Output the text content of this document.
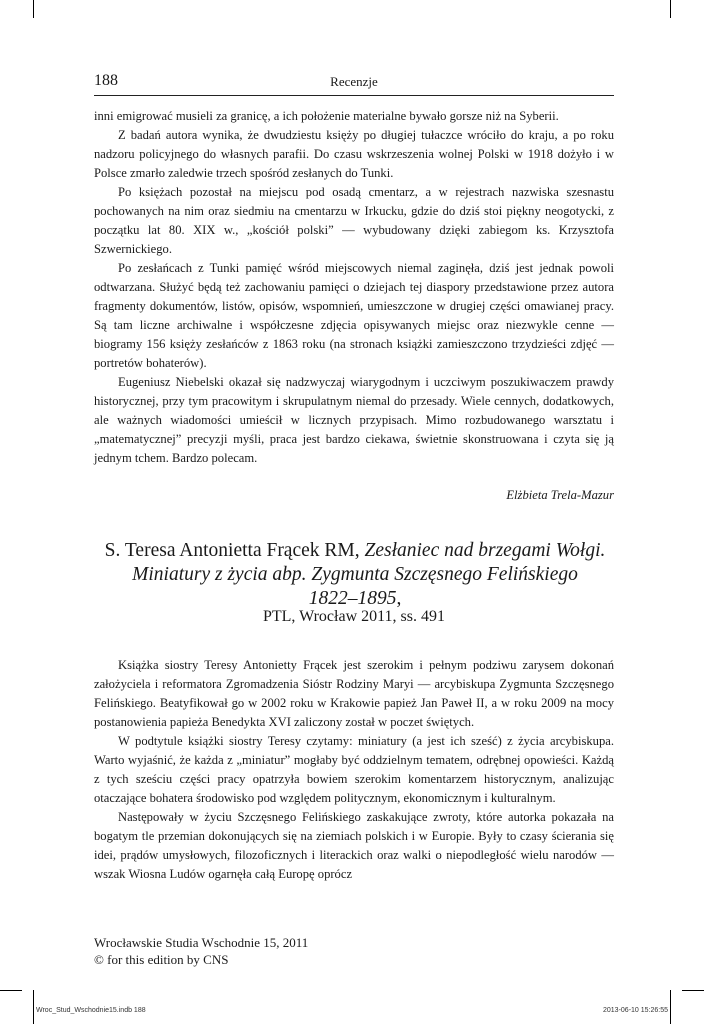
188	Recenzje

inni emigrować musieli za granicę, a ich położenie materialne bywało gorsze niż na Syberii.

Z badań autora wynika, że dwudziestu księży po długiej tułaczce wróciło do kraju, a po roku nadzoru policyjnego do własnych parafii. Do czasu wskrzeszenia wolnej Polski w 1918 dożyło i w Polsce zmarło zaledwie trzech spośród zesłanych do Tunki.

Po księżach pozostał na miejscu pod osadą cmentarz, a w rejestrach nazwiska szesnastu pochowanych na nim oraz siedmiu na cmentarzu w Irkucku, gdzie do dziś stoi piękny neogotycki, z początku lat 80. XIX w., „kościół polski” — wybudowany dzięki zabiegom ks. Krzysztofa Szwernickiego.

Po zesłańcach z Tunki pamięć wśród miejscowych niemal zaginęła, dziś jest jednak powoli odtwarzana. Służyć będą też zachowaniu pamięci o dziejach tej diaspory przedstawione przez autora fragmenty dokumentów, listów, opisów, wspomnień, umieszczone w drugiej części omawianej pracy. Są tam liczne archiwalne i współczesne zdjęcia opisywanych miejsc oraz niezwykle cenne — biogramy 156 księży zesłańców z 1863 roku (na stronach książki zamieszczono trzydzieści zdjęć — portretów bohaterów).

Eugeniusz Niebelski okazał się nadzwyczaj wiarygodnym i uczciwym poszukiwaczem prawdy historycznej, przy tym pracowitym i skrupulatnym niemal do przesady. Wiele cennych, dodatkowych, ale ważnych wiadomości umieścił w licznych przypisach. Mimo rozbudowanego warsztatu i „matematycznej” precyzji myśli, praca jest bardzo ciekawa, świetnie skonstruowana i czyta się ją jednym tchem. Bardzo polecam.

Elżbieta Trela-Mazur
S. Teresa Antonietta Frącek RM, Zesłaniec nad brzegami Wołgi.
Miniatury z życia abp. Zygmunta Szczęsnego Felińskiego
1822–1895,
PTL, Wrocław 2011, ss. 491

Książka siostry Teresy Antonietty Frącek jest szerokim i pełnym podziwu zarysem dokonań założyciela i reformatora Zgromadzenia Sióstr Rodziny Maryi — arcybiskupa Zygmunta Szczęsnego Felińskiego. Beatyfikował go w 2002 roku w Krakowie papież Jan Paweł II, a w roku 2009 na mocy postanowienia papieża Benedykta XVI zaliczony został w poczet świętych.

W podtytule książki siostry Teresy czytamy: miniatury (a jest ich sześć) z życia arcybiskupa. Warto wyjaśnić, że każda z „miniatur” mogłaby być oddzielnym tematem, odrębnej opowieści. Każdą z tych sześciu części pracy opatrzyła bowiem szerokim komentarzem historycznym, analizując otaczające bohatera środowisko pod względem politycznym, ekonomicznym i kulturalnym.

Następowały w życiu Szczęsnego Felińskiego zaskakujące zwroty, które autorka pokazała na bogatym tle przemian dokonujących się na ziemiach polskich i w Europie. Były to czasy ścierania się idei, prądów umysłowych, filozoficznych i literackich oraz walki o niepodległość wielu narodów — wszak Wiosna Ludów ogarnęła całą Europę oprócz

Wrocławskie Studia Wschodnie 15, 2011
© for this edition by CNS
Wroc_Stud_Wschodnie15.indb 188	2013-06-10 15:26:55
